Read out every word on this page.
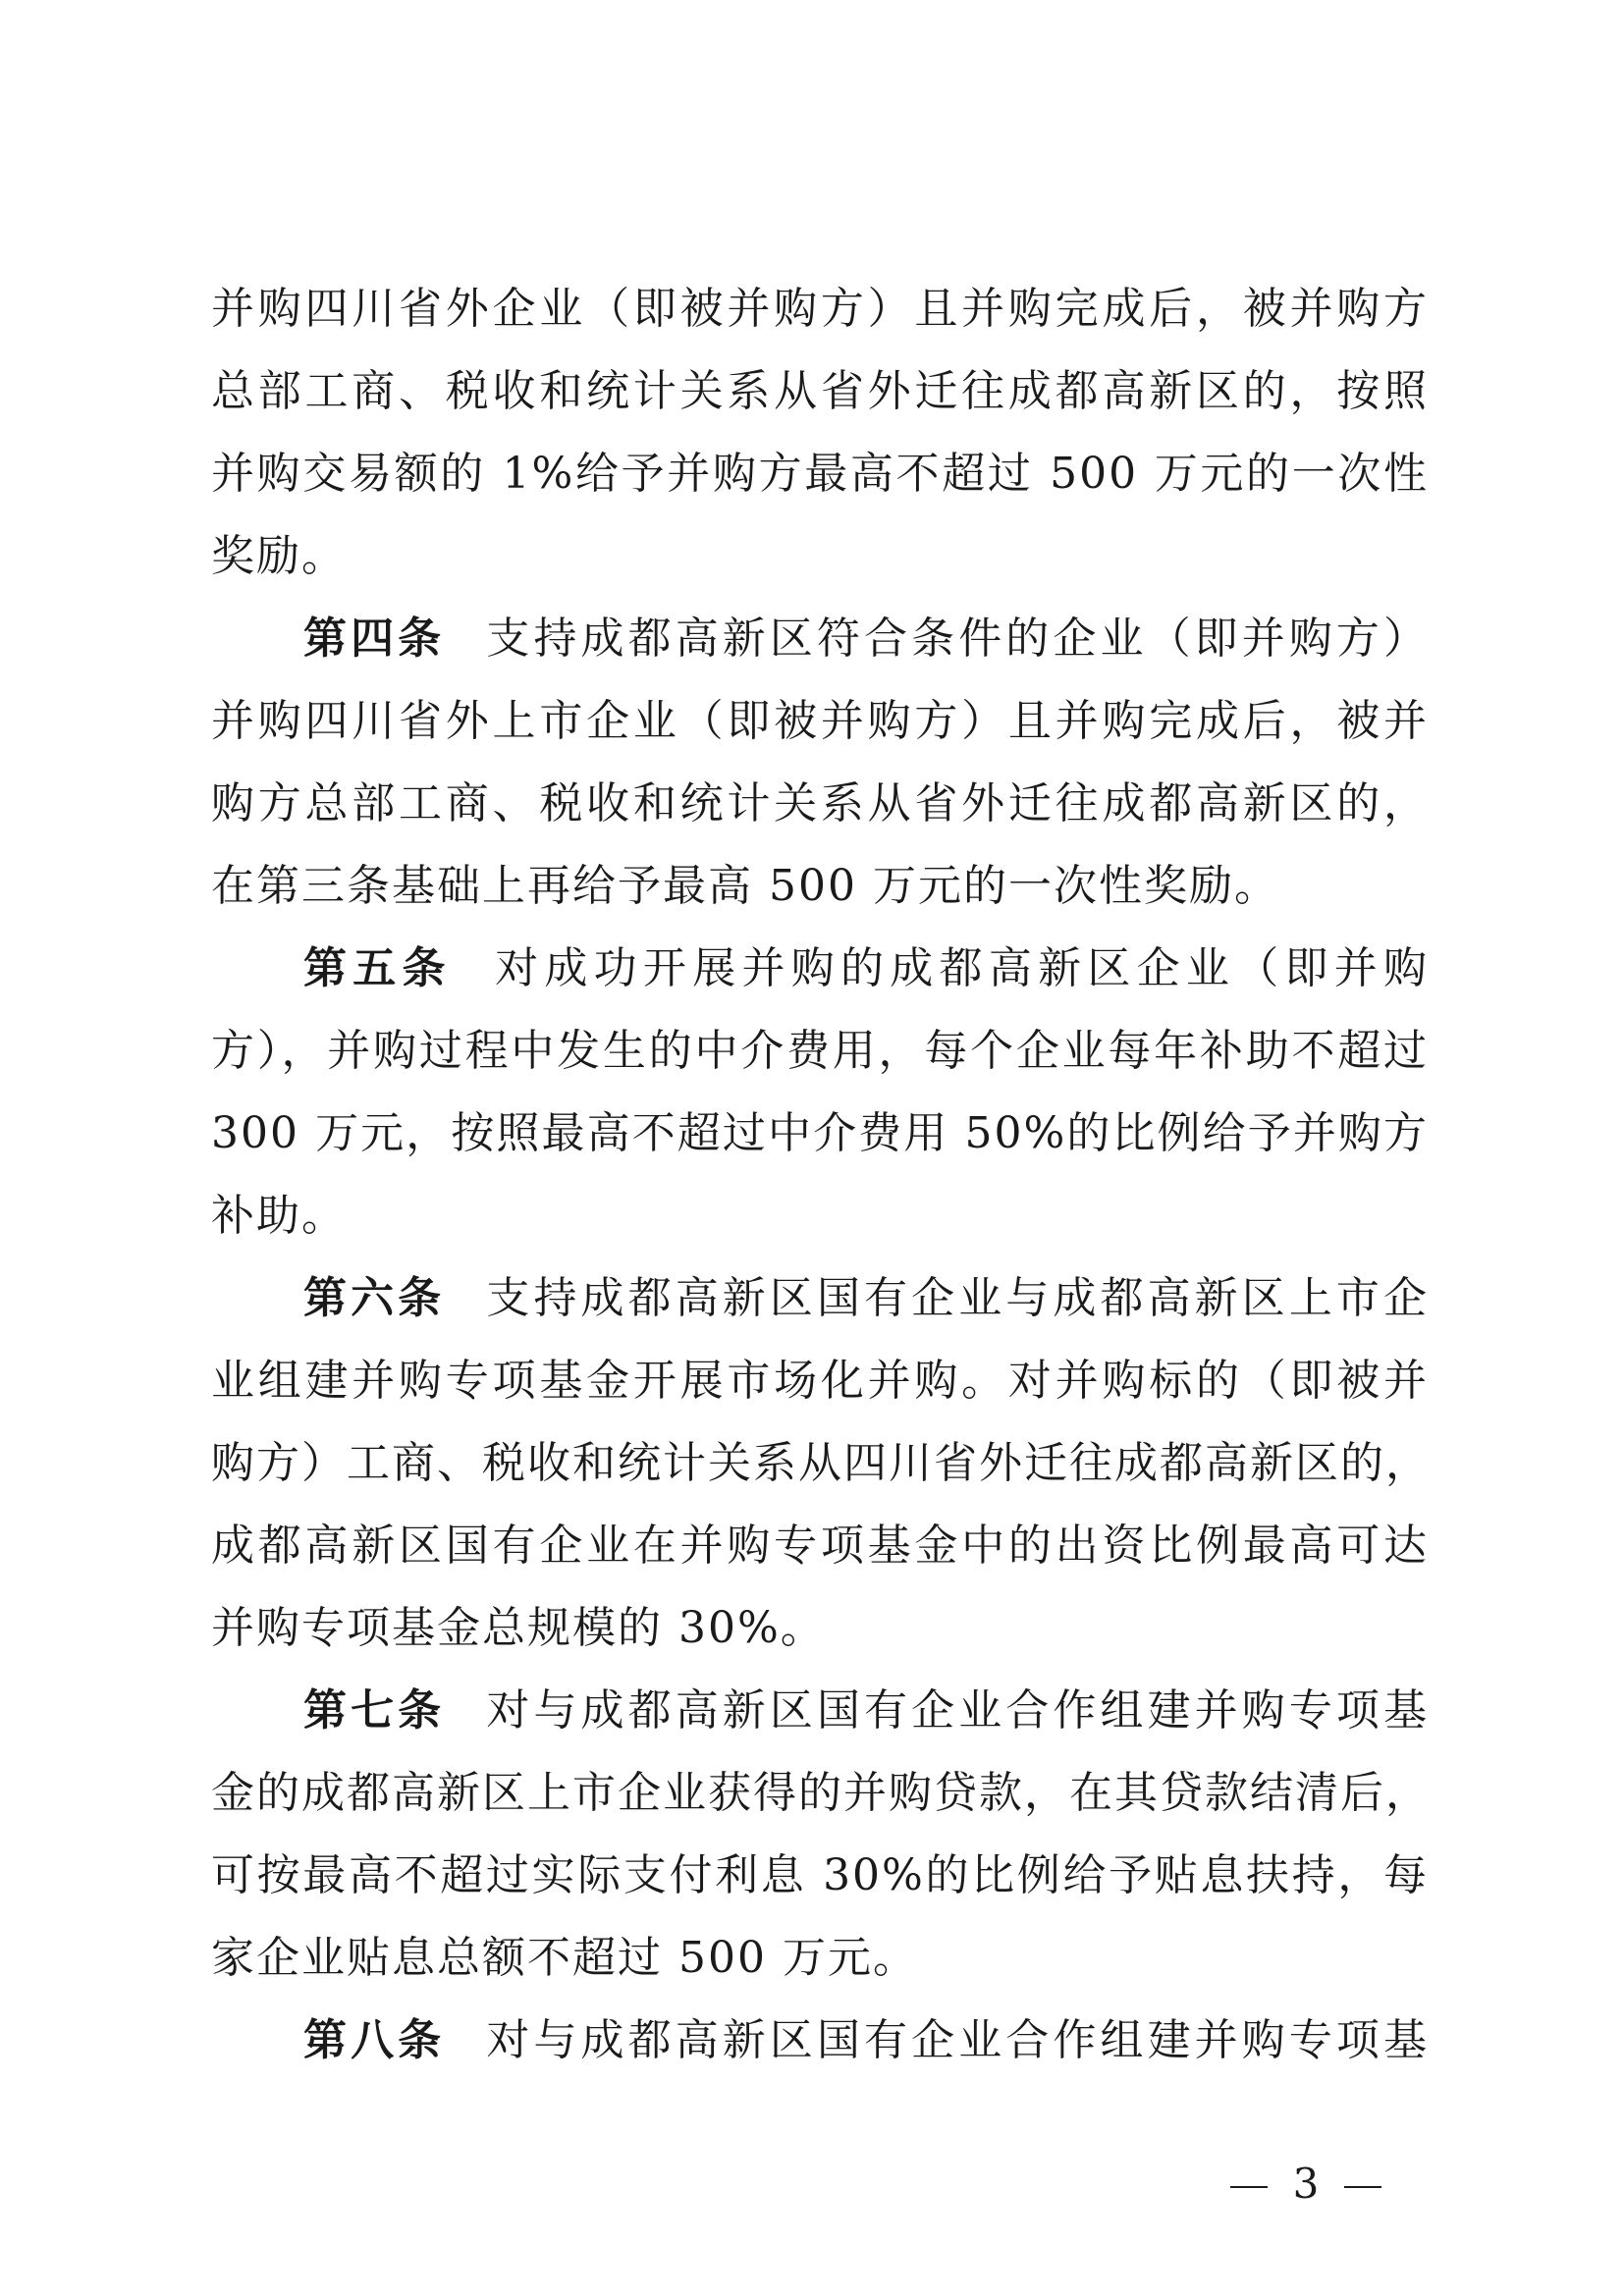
并购四川省外企业（即被并购方）且并购完成后，被并购方
总部工商、税收和统计关系从省外迁往成都高新区的，按照
并购交易额的 1%给予并购方最高不超过 500 万元的一次性
奖励。
第四条 支持成都高新区符合条件的企业（即并购方）
并购四川省外上市企业（即被并购方）且并购完成后，被并
购方总部工商、税收和统计关系从省外迁往成都高新区的，
在第三条基础上再给予最高 500 万元的一次性奖励。
第五条 对成功开展并购的成都高新区企业（即并购
方），并购过程中发生的中介费用，每个企业每年补助不超过
300 万元，按照最高不超过中介费用 50%的比例给予并购方
补助。
第六条 支持成都高新区国有企业与成都高新区上市企
业组建并购专项基金开展市场化并购。对并购标的（即被并
购方）工商、税收和统计关系从四川省外迁往成都高新区的，
成都高新区国有企业在并购专项基金中的出资比例最高可达
并购专项基金总规模的 30%。
第七条 对与成都高新区国有企业合作组建并购专项基
金的成都高新区上市企业获得的并购贷款，在其贷款结清后，
可按最高不超过实际支付利息 30%的比例给予贴息扶持，每
家企业贴息总额不超过 500 万元。
第八条 对与成都高新区国有企业合作组建并购专项基
3
